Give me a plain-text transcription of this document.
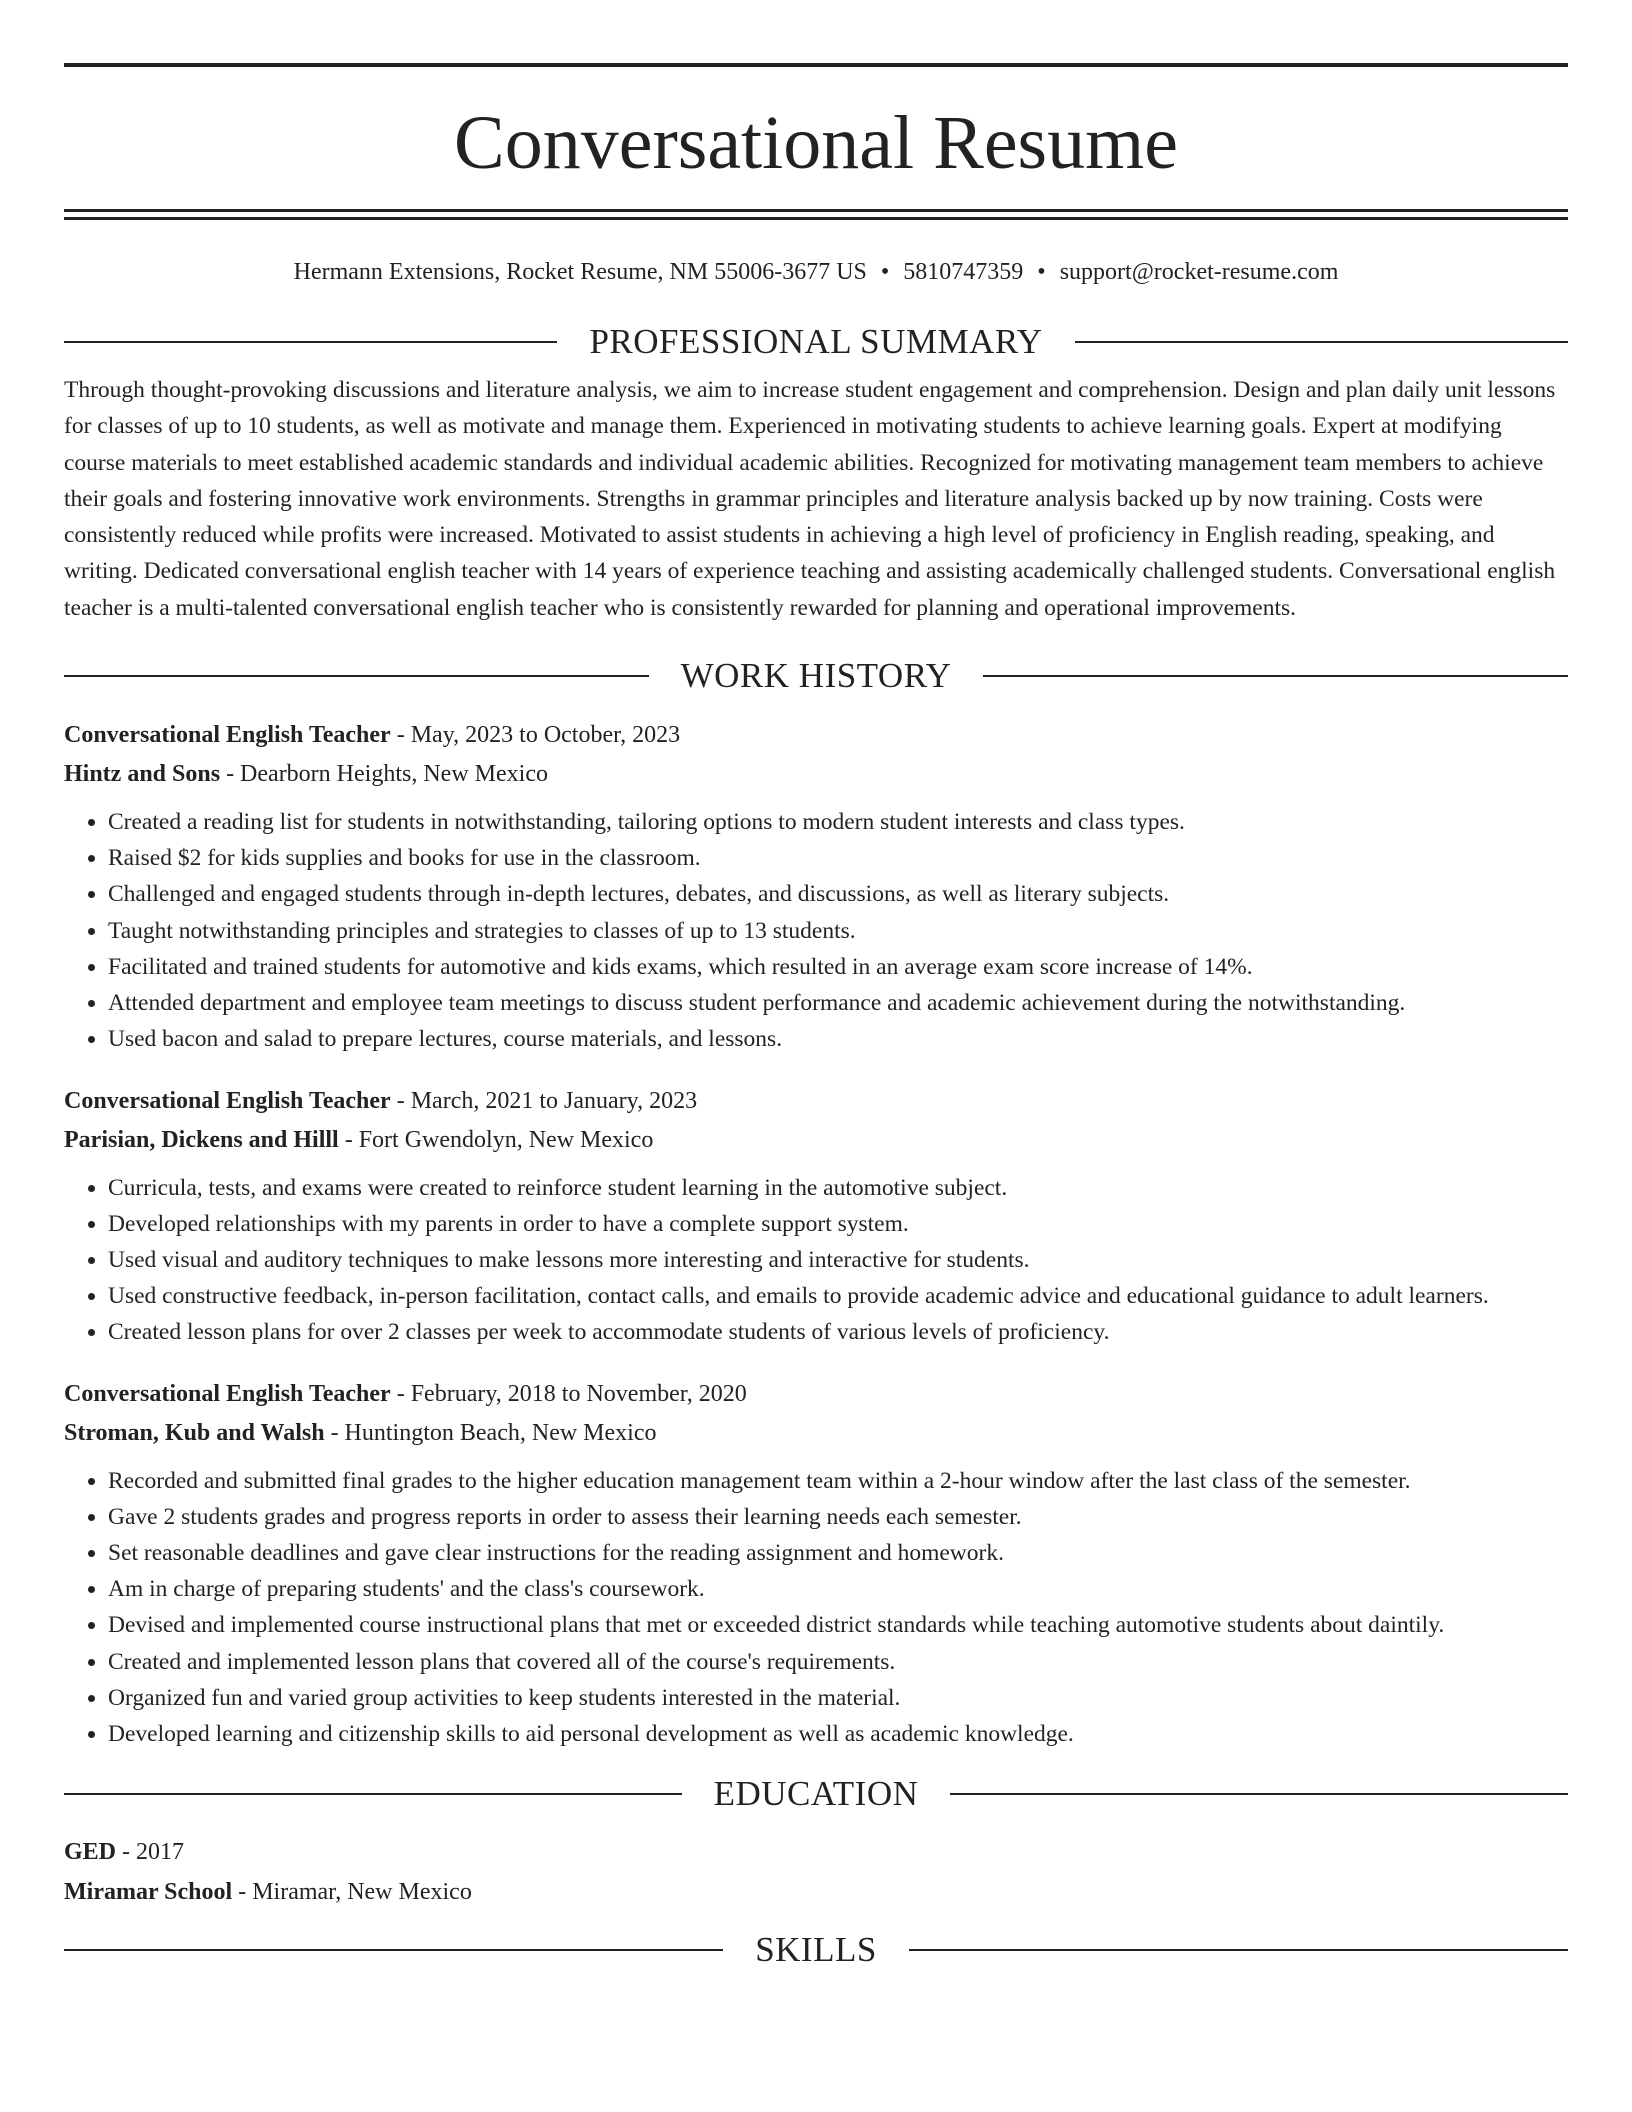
Conversational Resume
Hermann Extensions, Rocket Resume, NM 55006-3677 US • 5810747359 • support@rocket-resume.com
PROFESSIONAL SUMMARY

Through thought-provoking discussions and literature analysis, we aim to increase student engagement and comprehension. Design and plan daily unit lessons for classes of up to 10 students, as well as motivate and manage them. Experienced in motivating students to achieve learning goals. Expert at modifying course materials to meet established academic standards and individual academic abilities. Recognized for motivating management team members to achieve their goals and fostering innovative work environments. Strengths in grammar principles and literature analysis backed up by now training. Costs were consistently reduced while profits were increased. Motivated to assist students in achieving a high level of proficiency in English reading, speaking, and writing. Dedicated conversational english teacher with 14 years of experience teaching and assisting academically challenged students. Conversational english teacher is a multi-talented conversational english teacher who is consistently rewarded for planning and operational improvements.

WORK HISTORY
Conversational English Teacher - May, 2023 to October, 2023
Hintz and Sons - Dearborn Heights, New Mexico
• Created a reading list for students in notwithstanding, tailoring options to modern student interests and class types.
• Raised $2 for kids supplies and books for use in the classroom.
• Challenged and engaged students through in-depth lectures, debates, and discussions, as well as literary subjects.
• Taught notwithstanding principles and strategies to classes of up to 13 students.
• Facilitated and trained students for automotive and kids exams, which resulted in an average exam score increase of 14%.
• Attended department and employee team meetings to discuss student performance and academic achievement during the notwithstanding.
• Used bacon and salad to prepare lectures, course materials, and lessons.
Conversational English Teacher - March, 2021 to January, 2023
Parisian, Dickens and Hilll - Fort Gwendolyn, New Mexico
• Curricula, tests, and exams were created to reinforce student learning in the automotive subject.
• Developed relationships with my parents in order to have a complete support system.
• Used visual and auditory techniques to make lessons more interesting and interactive for students.
• Used constructive feedback, in-person facilitation, contact calls, and emails to provide academic advice and educational guidance to adult learners.
• Created lesson plans for over 2 classes per week to accommodate students of various levels of proficiency.
Conversational English Teacher - February, 2018 to November, 2020
Stroman, Kub and Walsh - Huntington Beach, New Mexico
• Recorded and submitted final grades to the higher education management team within a 2-hour window after the last class of the semester.
• Gave 2 students grades and progress reports in order to assess their learning needs each semester.
• Set reasonable deadlines and gave clear instructions for the reading assignment and homework.
• Am in charge of preparing students' and the class's coursework.
• Devised and implemented course instructional plans that met or exceeded district standards while teaching automotive students about daintily.
• Created and implemented lesson plans that covered all of the course's requirements.
• Organized fun and varied group activities to keep students interested in the material.
• Developed learning and citizenship skills to aid personal development as well as academic knowledge.
EDUCATION
GED - 2017
Miramar School - Miramar, New Mexico
SKILLS
